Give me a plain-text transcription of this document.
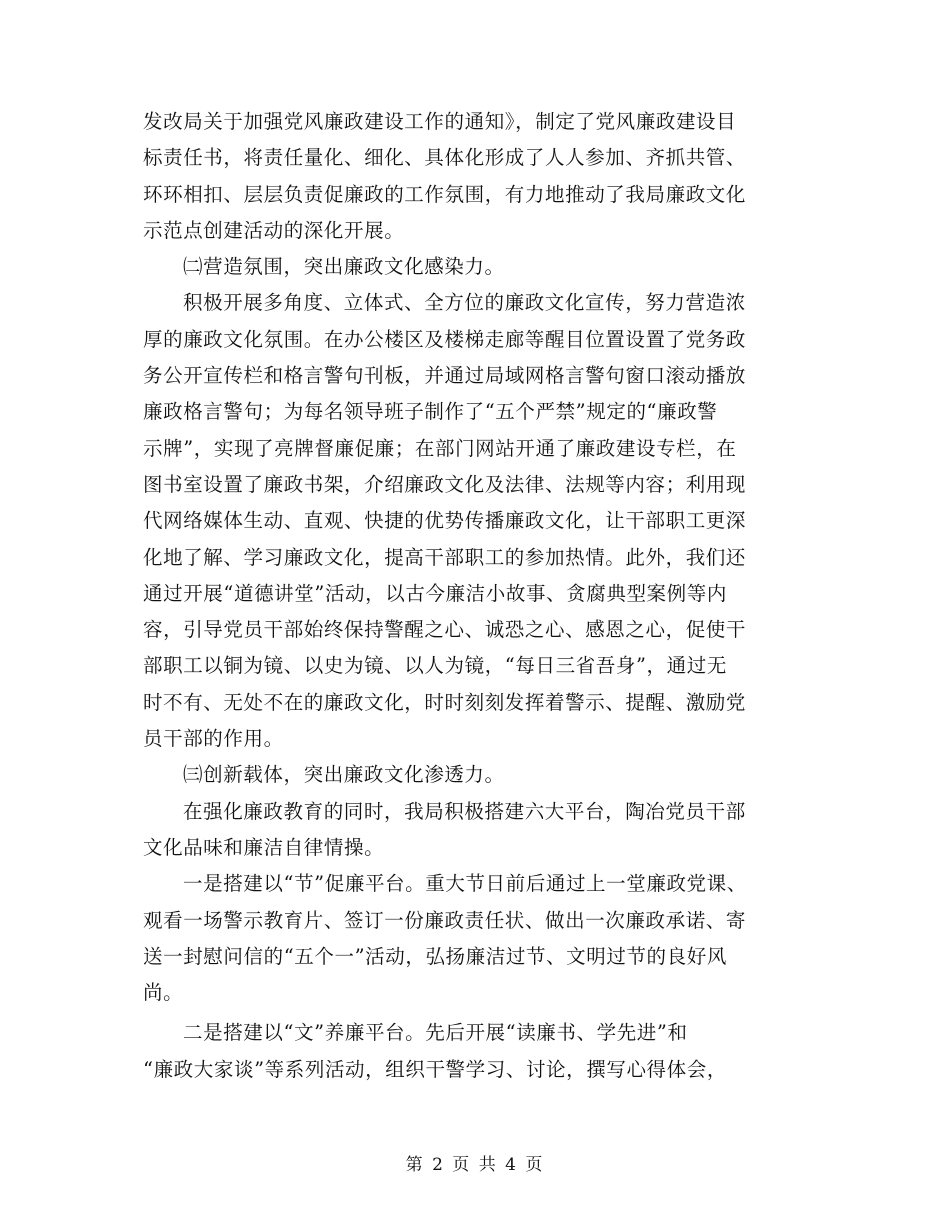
发改局关于加强党风廉政建设工作的通知》，制定了党风廉政建设目
标责任书，将责任量化、细化、具体化形成了人人参加、齐抓共管、
环环相扣、层层负责促廉政的工作氛围，有力地推动了我局廉政文化
示范点创建活动的深化开展。
㈡营造氛围，突出廉政文化感染力。
积极开展多角度、立体式、全方位的廉政文化宣传，努力营造浓
厚的廉政文化氛围。在办公楼区及楼梯走廊等醒目位置设置了党务政
务公开宣传栏和格言警句刊板，并通过局域网格言警句窗口滚动播放
廉政格言警句；为每名领导班子制作了“五个严禁”规定的“廉政警
示牌”，实现了亮牌督廉促廉；在部门网站开通了廉政建设专栏，在
图书室设置了廉政书架，介绍廉政文化及法律、法规等内容；利用现
代网络媒体生动、直观、快捷的优势传播廉政文化，让干部职工更深
化地了解、学习廉政文化，提高干部职工的参加热情。此外，我们还
通过开展“道德讲堂”活动，以古今廉洁小故事、贪腐典型案例等内
容，引导党员干部始终保持警醒之心、诚恐之心、感恩之心，促使干
部职工以铜为镜、以史为镜、以人为镜，“每日三省吾身”，通过无
时不有、无处不在的廉政文化，时时刻刻发挥着警示、提醒、激励党
员干部的作用。
㈢创新载体，突出廉政文化渗透力。
在强化廉政教育的同时，我局积极搭建六大平台，陶冶党员干部
文化品味和廉洁自律情操。
一是搭建以“节”促廉平台。重大节日前后通过上一堂廉政党课、
观看一场警示教育片、签订一份廉政责任状、做出一次廉政承诺、寄
送一封慰问信的“五个一”活动，弘扬廉洁过节、文明过节的良好风
尚。
二是搭建以“文”养廉平台。先后开展“读廉书、学先进”和
“廉政大家谈”等系列活动，组织干警学习、讨论，撰写心得体会，
第 2 页 共 4 页
